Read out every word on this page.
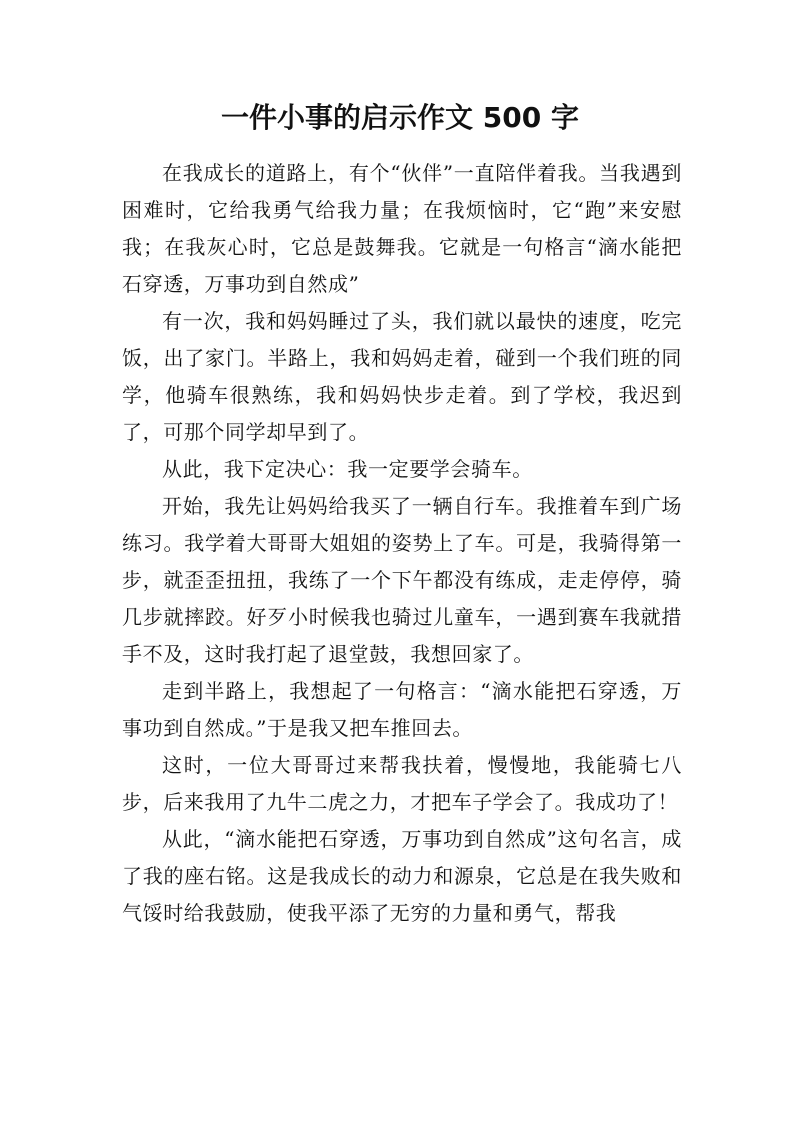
一件小事的启示作文 500 字

在我成长的道路上，有个“伙伴”一直陪伴着我。当我遇到困难时，它给我勇气给我力量；在我烦恼时，它“跑”来安慰我；在我灰心时，它总是鼓舞我。它就是一句格言“滴水能把石穿透，万事功到自然成”

有一次，我和妈妈睡过了头，我们就以最快的速度，吃完饭，出了家门。半路上，我和妈妈走着，碰到一个我们班的同学，他骑车很熟练，我和妈妈快步走着。到了学校，我迟到了，可那个同学却早到了。

从此，我下定决心：我一定要学会骑车。

开始，我先让妈妈给我买了一辆自行车。我推着车到广场练习。我学着大哥哥大姐姐的姿势上了车。可是，我骑得第一步，就歪歪扭扭，我练了一个下午都没有练成，走走停停，骑几步就摔跤。好歹小时候我也骑过儿童车，一遇到赛车我就措手不及，这时我打起了退堂鼓，我想回家了。

走到半路上，我想起了一句格言：“滴水能把石穿透，万事功到自然成。”于是我又把车推回去。

这时，一位大哥哥过来帮我扶着，慢慢地，我能骑七八步，后来我用了九牛二虎之力，才把车子学会了。我成功了！

从此，“滴水能把石穿透，万事功到自然成”这句名言，成了我的座右铭。这是我成长的动力和源泉，它总是在我失败和气馁时给我鼓励，使我平添了无穷的力量和勇气，帮我
